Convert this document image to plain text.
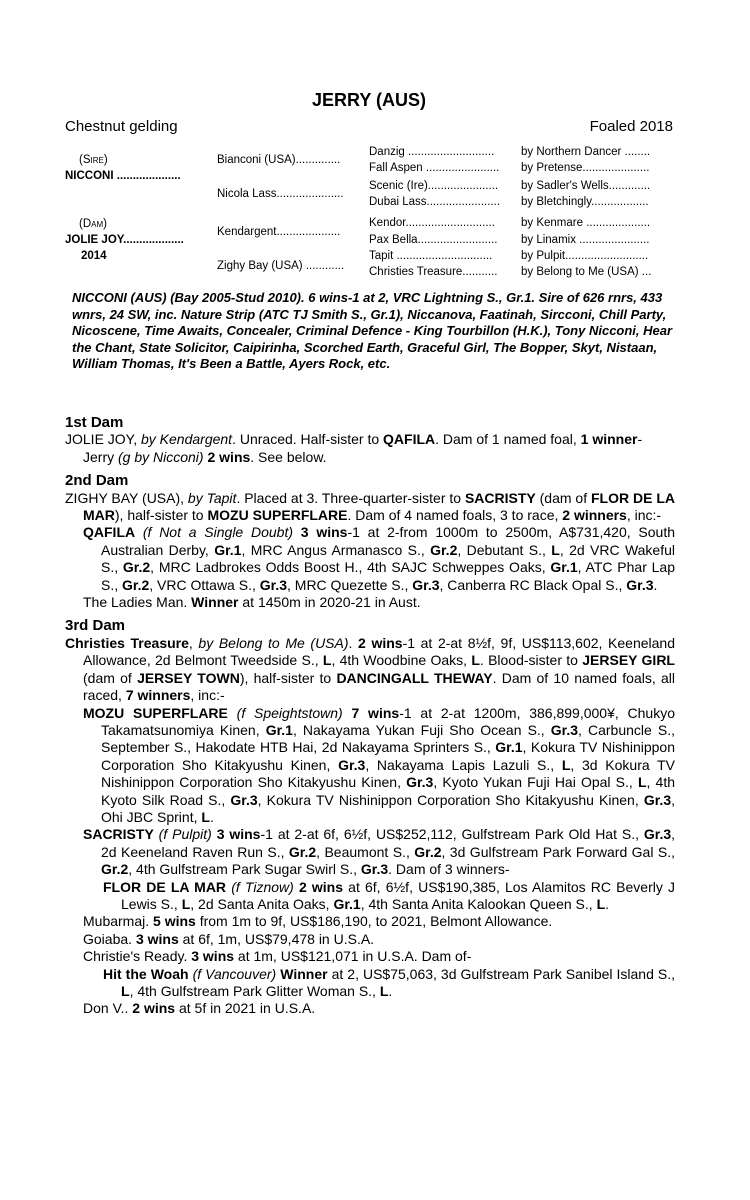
JERRY (AUS)
Chestnut gelding	Foaled 2018
(Sire)
NICCONI ....................
(Dam)
JOLIE JOY...................
2014
Bianconi (USA)..............
Nicola Lass.....................
Kendargent....................
Zighy Bay (USA) ............
Danzig ...........................
Fall Aspen .......................
Scenic (Ire)......................
Dubai Lass.......................
Kendor............................
Pax Bella.........................
Tapit ..............................
Christies Treasure...........
by Northern Dancer ........
by Pretense.....................
by Sadler's Wells.............
by Bletchingly..................
by Kenmare ....................
by Linamix ......................
by Pulpit..........................
by Belong to Me (USA) ...
NICCONI (AUS) (Bay 2005-Stud 2010). 6 wins-1 at 2, VRC Lightning S., Gr.1. Sire of 626 rnrs, 433 wnrs, 24 SW, inc. Nature Strip (ATC TJ Smith S., Gr.1), Niccanova, Faatinah, Sircconi, Chill Party, Nicoscene, Time Awaits, Concealer, Criminal Defence - King Tourbillon (H.K.), Tony Nicconi, Hear the Chant, State Solicitor, Caipirinha, Scorched Earth, Graceful Girl, The Bopper, Skyt, Nistaan, William Thomas, It's Been a Battle, Ayers Rock, etc.
1st Dam
JOLIE JOY, by Kendargent. Unraced. Half-sister to QAFILA. Dam of 1 named foal, 1 winner-
Jerry (g by Nicconi) 2 wins. See below.
2nd Dam
ZIGHY BAY (USA), by Tapit. Placed at 3. Three-quarter-sister to SACRISTY (dam of FLOR DE LA MAR), half-sister to MOZU SUPERFLARE. Dam of 4 named foals, 3 to race, 2 winners, inc:-
QAFILA (f Not a Single Doubt) 3 wins-1 at 2-from 1000m to 2500m, A$731,420, South Australian Derby, Gr.1, MRC Angus Armanasco S., Gr.2, Debutant S., L, 2d VRC Wakeful S., Gr.2, MRC Ladbrokes Odds Boost H., 4th SAJC Schweppes Oaks, Gr.1, ATC Phar Lap S., Gr.2, VRC Ottawa S., Gr.3, MRC Quezette S., Gr.3, Canberra RC Black Opal S., Gr.3.
The Ladies Man. Winner at 1450m in 2020-21 in Aust.
3rd Dam
Christies Treasure, by Belong to Me (USA). 2 wins-1 at 2-at 8½f, 9f, US$113,602, Keeneland Allowance, 2d Belmont Tweedside S., L, 4th Woodbine Oaks, L. Blood-sister to JERSEY GIRL (dam of JERSEY TOWN), half-sister to DANCINGALL THEWAY. Dam of 10 named foals, all raced, 7 winners, inc:-
MOZU SUPERFLARE (f Speightstown) 7 wins-1 at 2-at 1200m, 386,899,000¥, Chukyo Takamatsunomiya Kinen, Gr.1, Nakayama Yukan Fuji Sho Ocean S., Gr.3, Carbuncle S., September S., Hakodate HTB Hai, 2d Nakayama Sprinters S., Gr.1, Kokura TV Nishinippon Corporation Sho Kitakyushu Kinen, Gr.3, Nakayama Lapis Lazuli S., L, 3d Kokura TV Nishinippon Corporation Sho Kitakyushu Kinen, Gr.3, Kyoto Yukan Fuji Hai Opal S., L, 4th Kyoto Silk Road S., Gr.3, Kokura TV Nishinippon Corporation Sho Kitakyushu Kinen, Gr.3, Ohi JBC Sprint, L.
SACRISTY (f Pulpit) 3 wins-1 at 2-at 6f, 6½f, US$252,112, Gulfstream Park Old Hat S., Gr.3, 2d Keeneland Raven Run S., Gr.2, Beaumont S., Gr.2, 3d Gulfstream Park Forward Gal S., Gr.2, 4th Gulfstream Park Sugar Swirl S., Gr.3. Dam of 3 winners-
FLOR DE LA MAR (f Tiznow) 2 wins at 6f, 6½f, US$190,385, Los Alamitos RC Beverly J Lewis S., L, 2d Santa Anita Oaks, Gr.1, 4th Santa Anita Kalookan Queen S., L.
Mubarmaj. 5 wins from 1m to 9f, US$186,190, to 2021, Belmont Allowance.
Goiaba. 3 wins at 6f, 1m, US$79,478 in U.S.A.
Christie's Ready. 3 wins at 1m, US$121,071 in U.S.A. Dam of-
Hit the Woah (f Vancouver) Winner at 2, US$75,063, 3d Gulfstream Park Sanibel Island S., L, 4th Gulfstream Park Glitter Woman S., L.
Don V.. 2 wins at 5f in 2021 in U.S.A.
